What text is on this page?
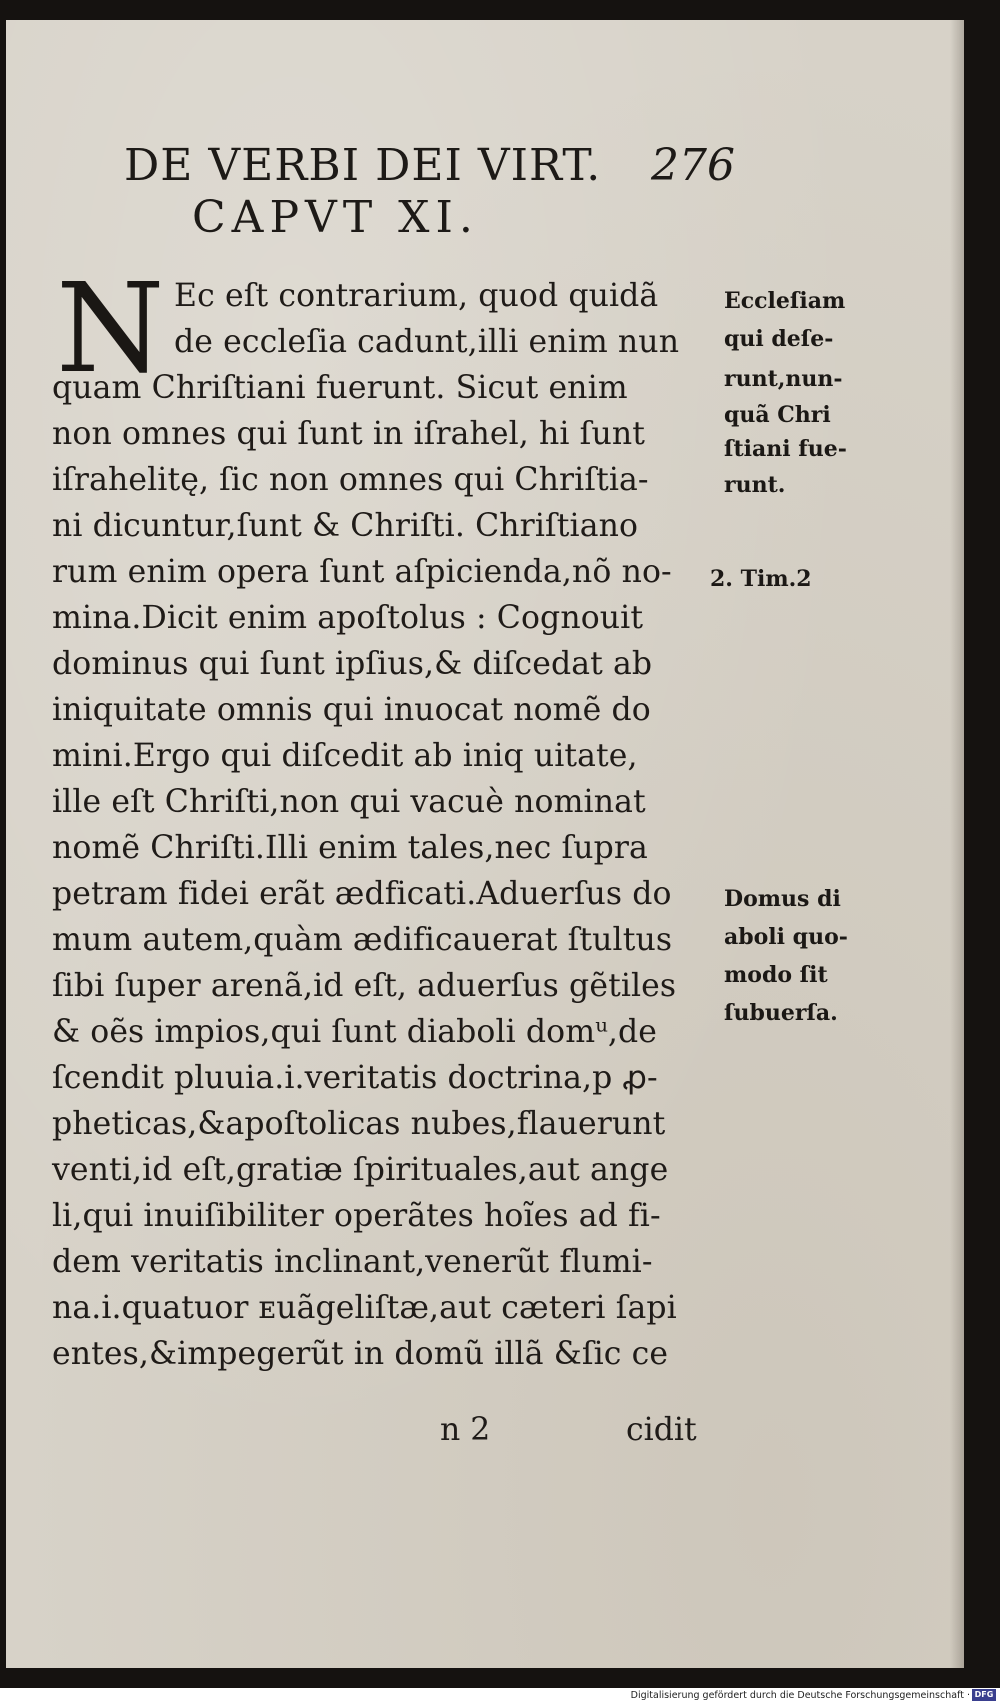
DE VERBI DEI VIRT. 276
CAPVT XI.
N Ec eſt contrarium, quod quidã
de eccleſia cadunt,illi enim nun
quam Chriſtiani fuerunt. Sicut enim
non omnes qui ſunt in iſrahel, hi ſunt
iſrahelitę, ſic non omnes qui Chriſtia-
ni dicuntur,ſunt & Chriſti. Chriſtiano
rum enim opera ſunt aſpicienda,nõ no-
mina.Dicit enim apoſtolus : Cognouit
dominus qui ſunt ipſius,& diſcedat ab
iniquitate omnis qui inuocat nomẽ do
mini.Ergo qui diſcedit ab iniq uitate,
ille eſt Chriſti,non qui vacuè nominat
nomẽ Chriſti.Illi enim tales,nec ſupra
petram fidei erãt ædficati.Aduerſus do
mum autem,quàm ædificauerat ſtultus
ſibi ſuper arenã,id eſt, aduerſus gẽtiles
& oẽs impios,qui ſunt diaboli domᵘ,de
ſcendit pluuia.i.veritatis doctrina,p ꝓ-
pheticas,&apoſtolicas nubes,flauerunt
venti,id eſt,gratiæ ſpirituales,aut ange
li,qui inuiſibiliter operãtes hoĩes ad fi-
dem veritatis inclinant,venerũt flumi-
na.i.quatuor ᴇuãgeliſtæ,aut cæteri ſapi
entes,&impegerũt in domũ illã &ſic ce
Eccleſiam
qui deſe-
runt,nun-
quã Chri
ſtiani fue-
runt.
2. Tim.2
Domus di
aboli quo-
modo ſit
ſubuerſa.
n 2	cidit
Digitalisierung gefördert durch die Deutsche Forschungsgemeinschaft · DFG
